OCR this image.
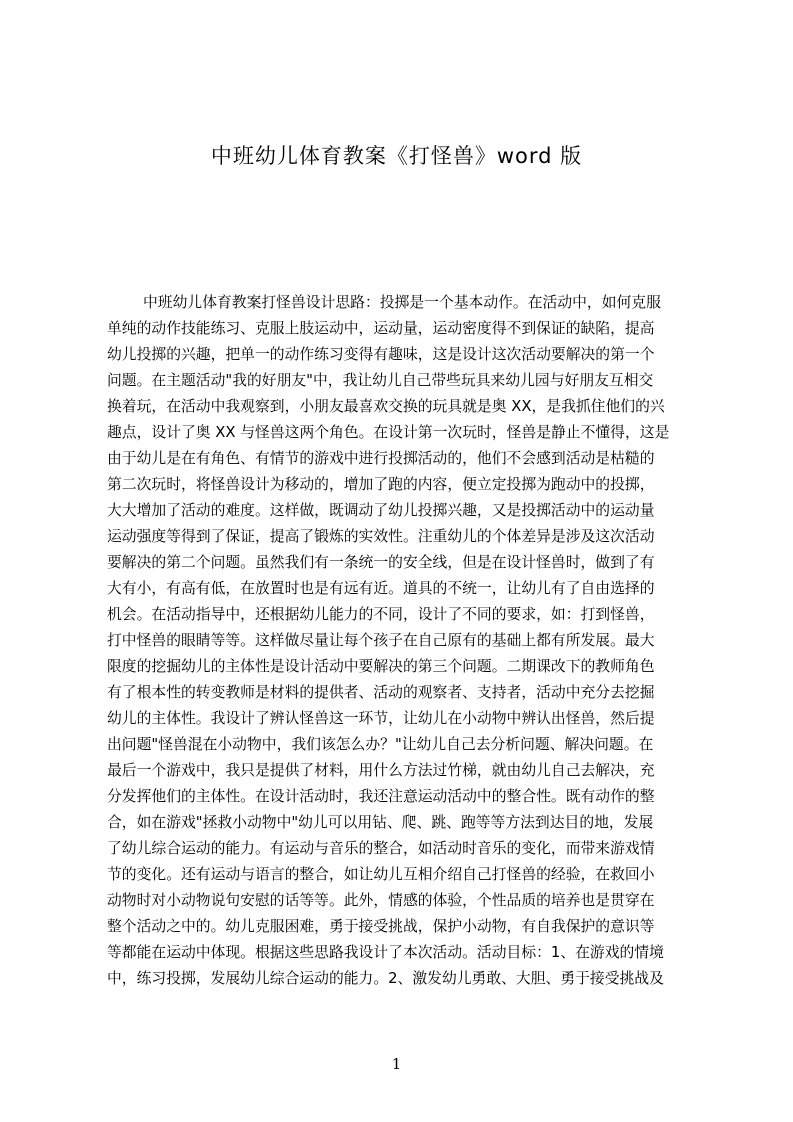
中班幼儿体育教案《打怪兽》word 版
中班幼儿体育教案打怪兽设计思路：投掷是一个基本动作。在活动中，如何克服
单纯的动作技能练习、克服上肢运动中，运动量，运动密度得不到保证的缺陷，提高
幼儿投掷的兴趣，把单一的动作练习变得有趣味，这是设计这次活动要解决的第一个
问题。在主题活动"我的好朋友"中，我让幼儿自己带些玩具来幼儿园与好朋友互相交
换着玩，在活动中我观察到，小朋友最喜欢交换的玩具就是奥 XX，是我抓住他们的兴
趣点，设计了奥 XX 与怪兽这两个角色。在设计第一次玩时，怪兽是静止不懂得，这是
由于幼儿是在有角色、有情节的游戏中进行投掷活动的，他们不会感到活动是枯糙的
第二次玩时，将怪兽设计为移动的，增加了跑的内容，便立定投掷为跑动中的投掷，
大大增加了活动的难度。这样做，既调动了幼儿投掷兴趣，又是投掷活动中的运动量
运动强度等得到了保证，提高了锻炼的实效性。注重幼儿的个体差异是涉及这次活动
要解决的第二个问题。虽然我们有一条统一的安全线，但是在设计怪兽时，做到了有
大有小，有高有低，在放置时也是有远有近。道具的不统一，让幼儿有了自由选择的
机会。在活动指导中，还根据幼儿能力的不同，设计了不同的要求，如：打到怪兽，
打中怪兽的眼睛等等。这样做尽量让每个孩子在自己原有的基础上都有所发展。最大
限度的挖掘幼儿的主体性是设计活动中要解决的第三个问题。二期课改下的教师角色
有了根本性的转变教师是材料的提供者、活动的观察者、支持者，活动中充分去挖掘
幼儿的主体性。我设计了辨认怪兽这一环节，让幼儿在小动物中辨认出怪兽，然后提
出问题"怪兽混在小动物中，我们该怎么办？"让幼儿自己去分析问题、解决问题。在
最后一个游戏中，我只是提供了材料，用什么方法过竹梯，就由幼儿自己去解决，充
分发挥他们的主体性。在设计活动时，我还注意运动活动中的整合性。既有动作的整
合，如在游戏"拯救小动物中"幼儿可以用钻、爬、跳、跑等等方法到达目的地，发展
了幼儿综合运动的能力。有运动与音乐的整合，如活动时音乐的变化，而带来游戏情
节的变化。还有运动与语言的整合，如让幼儿互相介绍自己打怪兽的经验，在救回小
动物时对小动物说句安慰的话等等。此外，情感的体验，个性品质的培养也是贯穿在
整个活动之中的。幼儿克服困难，勇于接受挑战，保护小动物，有自我保护的意识等
等都能在运动中体现。根据这些思路我设计了本次活动。活动目标：1、在游戏的情境
中，练习投掷，发展幼儿综合运动的能力。2、激发幼儿勇敢、大胆、勇于接受挑战及
1
